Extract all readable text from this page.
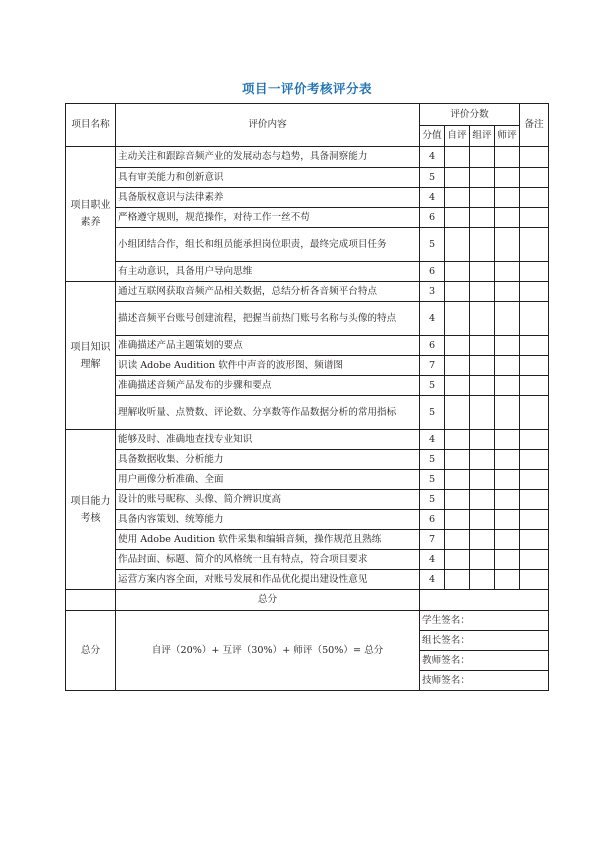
项目一评价考核评分表
项目名称	评价内容	评价分数				备注
		分值	自评	组评	师评	
项目职业素养	主动关注和跟踪音频产业的发展动态与趋势，具备洞察能力	4				
	具有审美能力和创新意识	5				
	具备版权意识与法律素养	4				
	严格遵守规则，规范操作，对待工作一丝不苟	6				
	小组团结合作，组长和组员能承担岗位职责，最终完成项目任务	5				
	有主动意识，具备用户导向思维	6				
项目知识理解	通过互联网获取音频产品相关数据，总结分析各音频平台特点	3				
	描述音频平台账号创建流程，把握当前热门账号名称与头像的特点	4				
	准确描述产品主题策划的要点	6				
	识读 Adobe Audition 软件中声音的波形图、频谱图	7				
	准确描述音频产品发布的步骤和要点	5				
	理解收听量、点赞数、评论数、分享数等作品数据分析的常用指标	5				
项目能力考核	能够及时、准确地查找专业知识	4				
	具备数据收集、分析能力	5				
	用户画像分析准确、全面	5				
	设计的账号昵称、头像、简介辨识度高	5				
	具备内容策划、统筹能力	6				
	使用 Adobe Audition 软件采集和编辑音频，操作规范且熟练	7				
	作品封面、标题、简介的风格统一且有特点，符合项目要求	4				
	运营方案内容全面，对账号发展和作品优化提出建设性意见	4				
	总分					
总分	自评（20%）+ 互评（30%）+ 师评（50%）= 总分	学生签名：				
		组长签名：				
		教师签名：				
		技师签名：				
